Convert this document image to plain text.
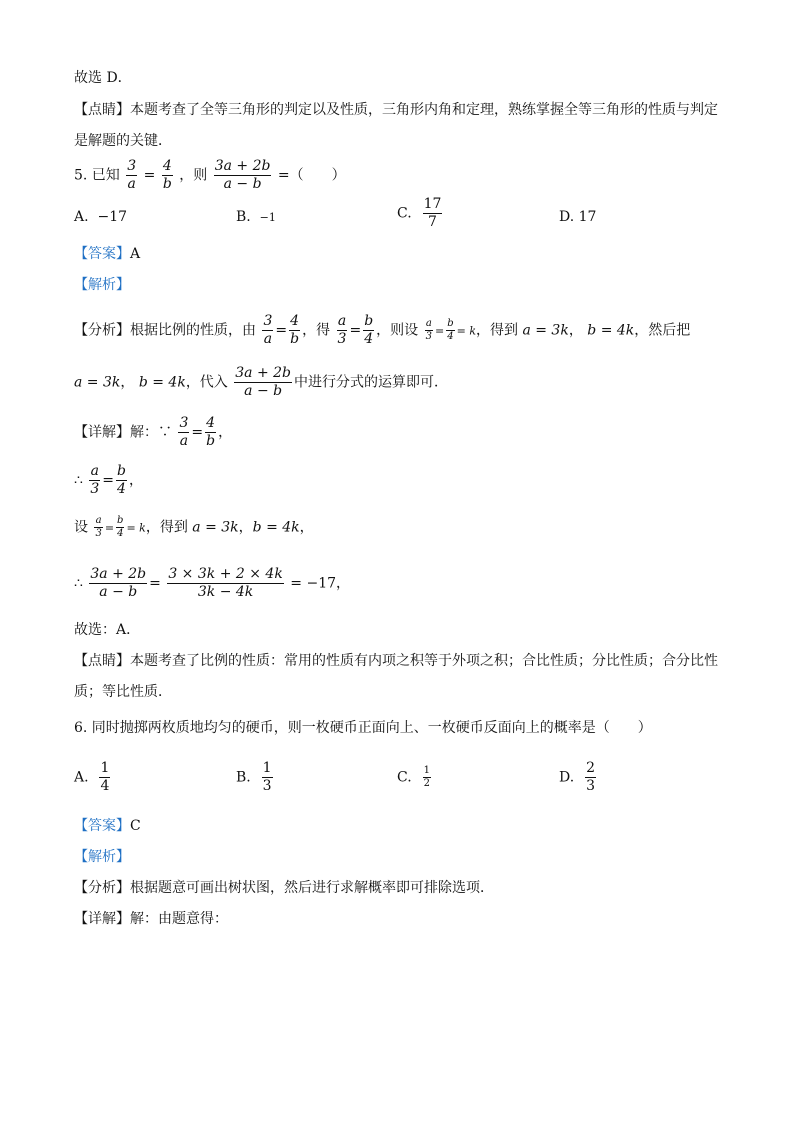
故选 D．
【点睛】本题考查了全等三角形的判定以及性质，三角形内角和定理，熟练掌握全等三角形的性质与判定
是解题的关键．
5. 已知 $\frac{3}{a} = \frac{4}{b}$ ，则 $\frac{3a + 2b}{a - b}$ =（　　）
A. −17	B. −1	C. $\frac{17}{7}$	D. 17
【答案】A
【解析】
【分析】根据比例的性质，由 $\frac{3}{a} = \frac{4}{b}$ ，得 $\frac{a}{3} = \frac{b}{4}$ ，则设 $\frac{a}{3} = \frac{b}{4} = k$，得到 a = 3k， b = 4k，然后把
a = 3k， b = 4k，代入 $\frac{3a + 2b}{a - b}$ 中进行分式的运算即可．
【详解】解：∵ $\frac{3}{a} = \frac{4}{b}$ ，
∴ $\frac{a}{3} = \frac{b}{4}$ ，
设 $\frac{a}{3} = \frac{b}{4} = k$，得到 a = 3k，b = 4k，
∴ $\frac{3a + 2b}{a - b} = \frac{3 \times 3k + 2 \times 4k}{3k - 4k} = -17$，
故选：A．
【点睛】本题考查了比例的性质：常用的性质有内项之积等于外项之积；合比性质；分比性质；合分比性
质；等比性质．
6. 同时抛掷两枚质地均匀的硬币，则一枚硬币正面向上、一枚硬币反面向上的概率是（　　）
A. $\frac{1}{4}$	B. $\frac{1}{3}$	C. $\frac{1}{2}$	D. $\frac{2}{3}$
【答案】C
【解析】
【分析】根据题意可画出树状图，然后进行求解概率即可排除选项．
【详解】解：由题意得：
